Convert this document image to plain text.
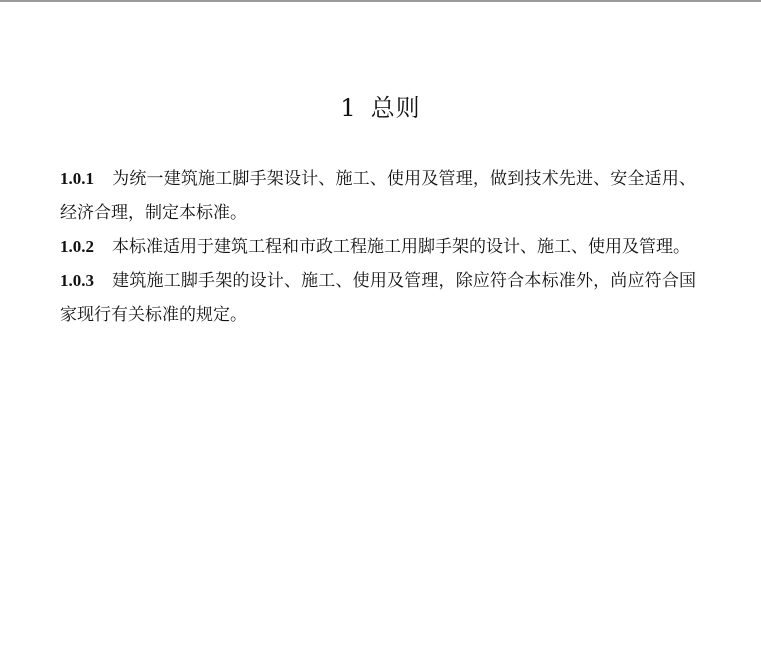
1 总则

1.0.1 为统一建筑施工脚手架设计、施工、使用及管理，做到技术先进、安全适用、经济合理，制定本标准。

1.0.2 本标准适用于建筑工程和市政工程施工用脚手架的设计、施工、使用及管理。

1.0.3 建筑施工脚手架的设计、施工、使用及管理，除应符合本标准外，尚应符合国家现行有关标准的规定。
